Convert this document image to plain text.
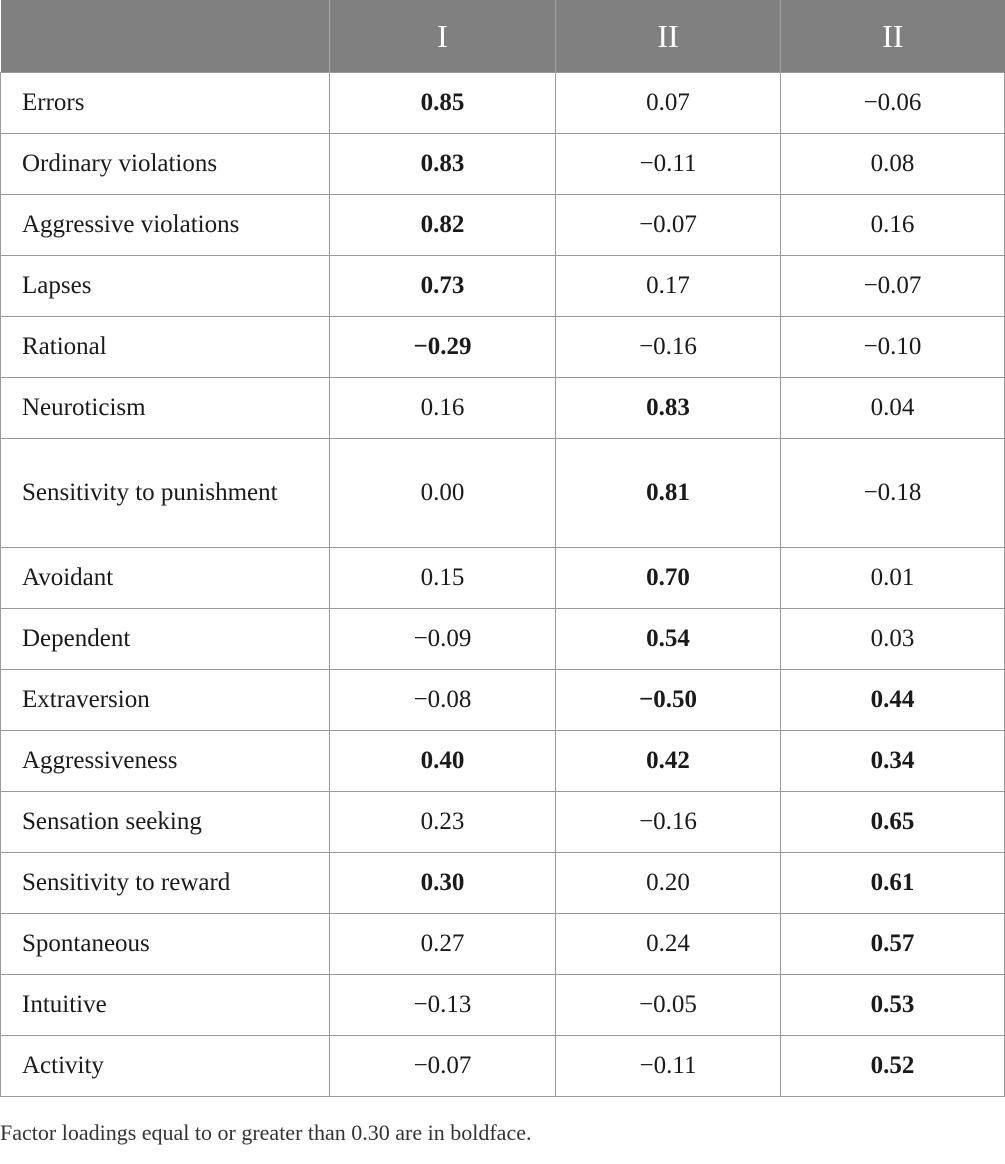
	I	II	II
Errors	0.85	0.07	−0.06
Ordinary violations	0.83	−0.11	0.08
Aggressive violations	0.82	−0.07	0.16
Lapses	0.73	0.17	−0.07
Rational	−0.29	−0.16	−0.10
Neuroticism	0.16	0.83	0.04
Sensitivity to punishment	0.00	0.81	−0.18
Avoidant	0.15	0.70	0.01
Dependent	−0.09	0.54	0.03
Extraversion	−0.08	−0.50	0.44
Aggressiveness	0.40	0.42	0.34
Sensation seeking	0.23	−0.16	0.65
Sensitivity to reward	0.30	0.20	0.61
Spontaneous	0.27	0.24	0.57
Intuitive	−0.13	−0.05	0.53
Activity	−0.07	−0.11	0.52
Factor loadings equal to or greater than 0.30 are in boldface.
